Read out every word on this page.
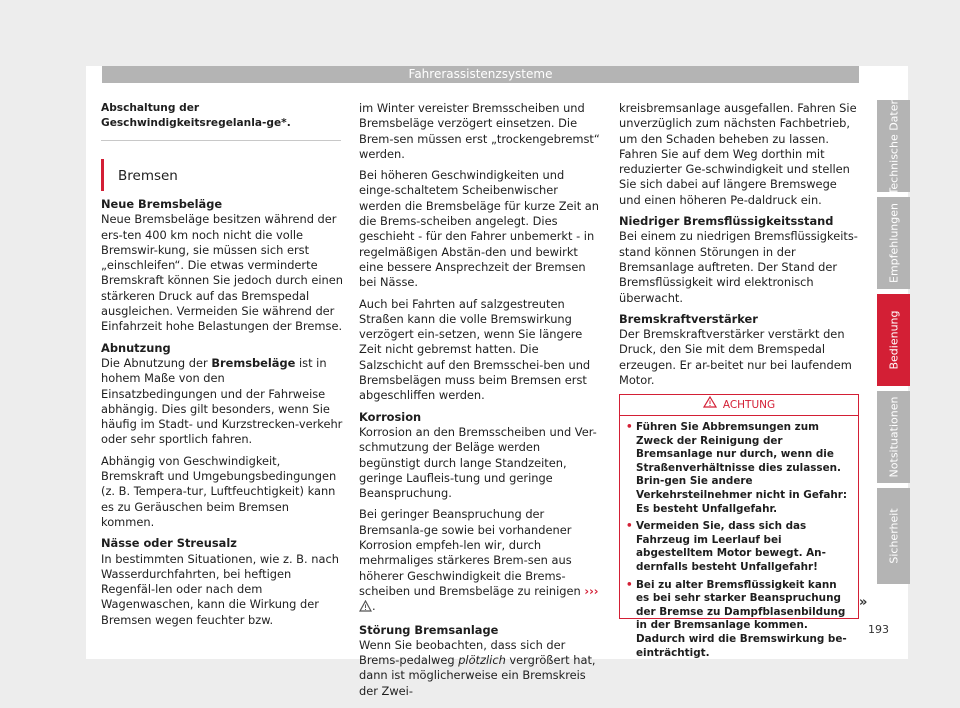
Fahrerassistenzsysteme
Abschaltung der Geschwindigkeitsregelanla-ge*.
Bremsen

Neue Bremsbeläge

Neue Bremsbeläge besitzen während der ers-ten 400 km noch nicht die volle Bremswir-kung, sie müssen sich erst „einschleifen“. Die etwas verminderte Bremskraft können Sie jedoch durch einen stärkeren Druck auf das Bremspedal ausgleichen. Vermeiden Sie während der Einfahrzeit hohe Belastungen der Bremse.

Abnutzung

Die Abnutzung der Bremsbeläge ist in hohem Maße von den Einsatzbedingungen und der Fahrweise abhängig. Dies gilt besonders, wenn Sie häufig im Stadt- und Kurzstrecken-verkehr oder sehr sportlich fahren.

Abhängig von Geschwindigkeit, Bremskraft und Umgebungsbedingungen (z. B. Tempera-tur, Luftfeuchtigkeit) kann es zu Geräuschen beim Bremsen kommen.

Nässe oder Streusalz

In bestimmten Situationen, wie z. B. nach Wasserdurchfahrten, bei heftigen Regenfäl-len oder nach dem Wagenwaschen, kann die Wirkung der Bremsen wegen feuchter bzw.

im Winter vereister Bremsscheiben und Bremsbeläge verzögert einsetzen. Die Brem-sen müssen erst „trockengebremst“ werden.

Bei höheren Geschwindigkeiten und einge-schaltetem Scheibenwischer werden die Bremsbeläge für kurze Zeit an die Brems-scheiben angelegt. Dies geschieht - für den Fahrer unbemerkt - in regelmäßigen Abstän-den und bewirkt eine bessere Ansprechzeit der Bremsen bei Nässe.

Auch bei Fahrten auf salzgestreuten Straßen kann die volle Bremswirkung verzögert ein-setzen, wenn Sie längere Zeit nicht gebremst hatten. Die Salzschicht auf den Bremsschei-ben und Bremsbelägen muss beim Bremsen erst abgeschliffen werden.

Korrosion

Korrosion an den Bremsscheiben und Ver-schmutzung der Beläge werden begünstigt durch lange Standzeiten, geringe Laufleis-tung und geringe Beanspruchung.

Bei geringer Beanspruchung der Bremsanla-ge sowie bei vorhandener Korrosion empfeh-len wir, durch mehrmaliges stärkeres Brem-sen aus höherer Geschwindigkeit die Brems-scheiben und Bremsbeläge zu reinigen ››› .

Störung Bremsanlage

Wenn Sie beobachten, dass sich der Brems-pedalweg plötzlich vergrößert hat, dann ist möglicherweise ein Bremskreis der Zwei-

kreisbremsanlage ausgefallen. Fahren Sie unverzüglich zum nächsten Fachbetrieb, um den Schaden beheben zu lassen. Fahren Sie auf dem Weg dorthin mit reduzierter Ge-schwindigkeit und stellen Sie sich dabei auf längere Bremswege und einen höheren Pe-daldruck ein.

Niedriger Bremsflüssigkeitsstand

Bei einem zu niedrigen Bremsflüssigkeits-stand können Störungen in der Bremsanlage auftreten. Der Stand der Bremsflüssigkeit wird elektronisch überwacht.

Bremskraftverstärker

Der Bremskraftverstärker verstärkt den Druck, den Sie mit dem Bremspedal erzeugen. Er ar-beitet nur bei laufendem Motor.

ACHTUNG
• Führen Sie Abbremsungen zum Zweck der Reinigung der Bremsanlage nur durch, wenn die Straßenverhältnisse dies zulassen. Brin-gen Sie andere Verkehrsteilnehmer nicht in Gefahr: Es besteht Unfallgefahr.
• Vermeiden Sie, dass sich das Fahrzeug im Leerlauf bei abgestelltem Motor bewegt. An-dernfalls besteht Unfallgefahr!
• Bei zu alter Bremsflüssigkeit kann es bei sehr starker Beanspruchung der Bremse zu Dampfblasenbildung in der Bremsanlage kommen. Dadurch wird die Bremswirkung be-einträchtigt.
»
193
Technische Daten
Empfehlungen
Bedienung
Notsituationen
Sicherheit
